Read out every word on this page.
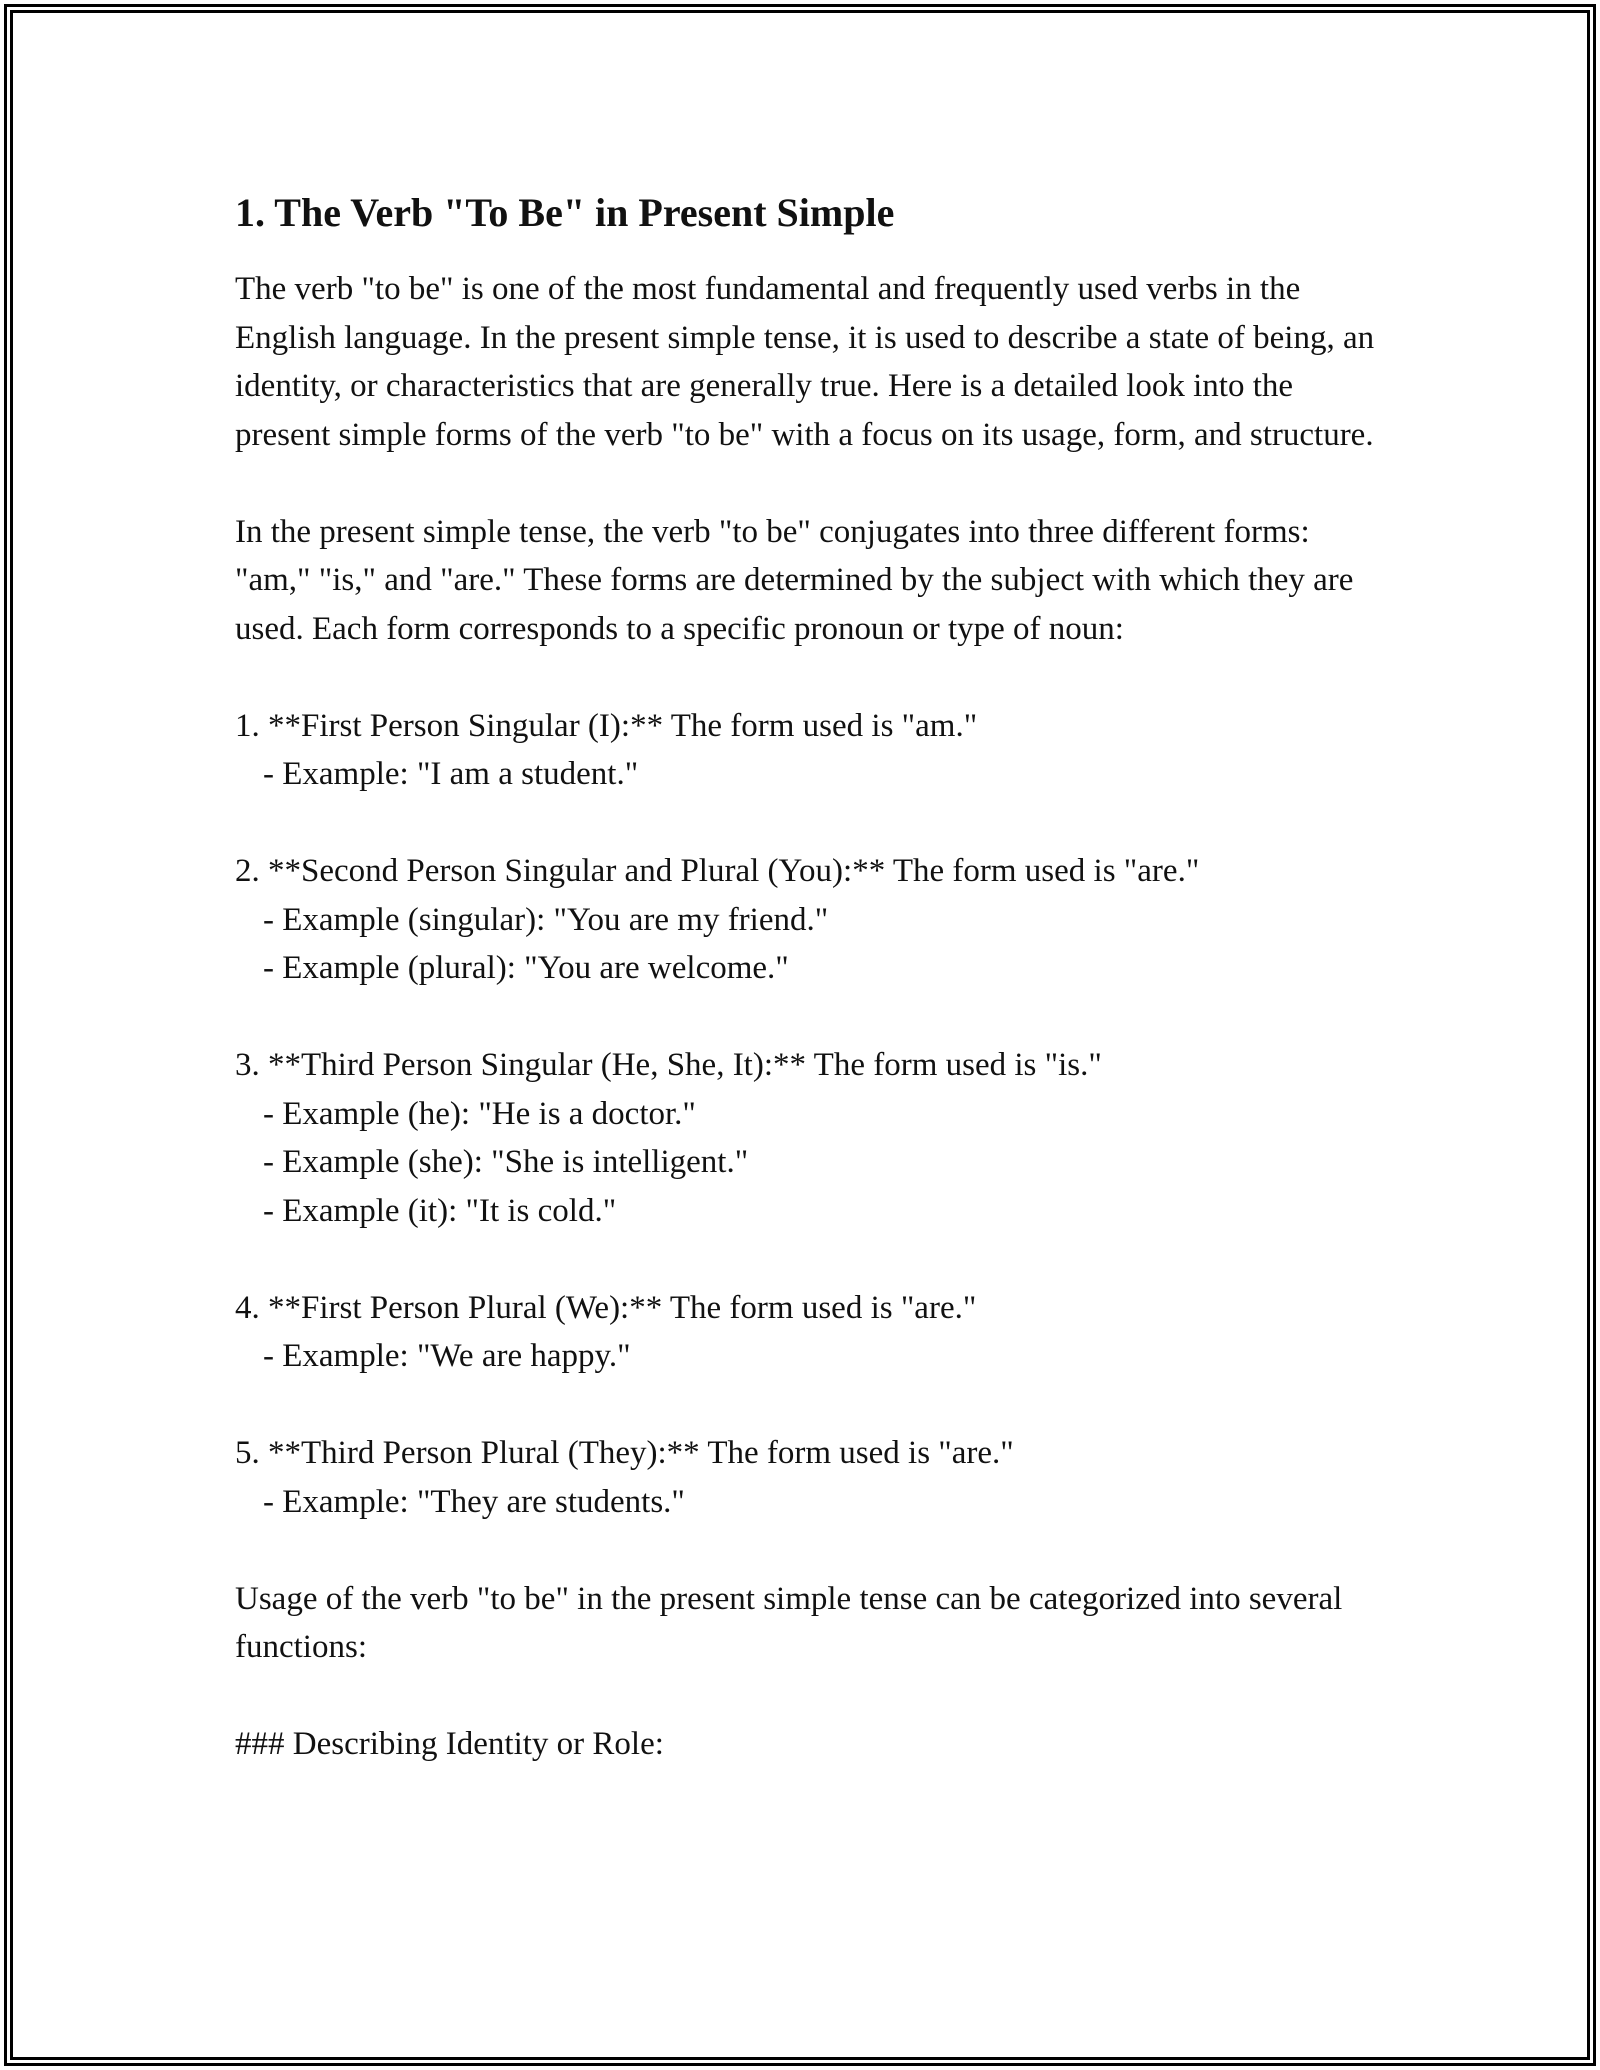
1. The Verb "To Be" in Present Simple

The verb "to be" is one of the most fundamental and frequently used verbs in the English language. In the present simple tense, it is used to describe a state of being, an identity, or characteristics that are generally true. Here is a detailed look into the present simple forms of the verb "to be" with a focus on its usage, form, and structure.

In the present simple tense, the verb "to be" conjugates into three different forms: "am," "is," and "are." These forms are determined by the subject with which they are used. Each form corresponds to a specific pronoun or type of noun:

1. **First Person Singular (I):** The form used is "am."

- Example: "I am a student."

2. **Second Person Singular and Plural (You):** The form used is "are."

- Example (singular): "You are my friend."

- Example (plural): "You are welcome."

3. **Third Person Singular (He, She, It):** The form used is "is."

- Example (he): "He is a doctor."

- Example (she): "She is intelligent."

- Example (it): "It is cold."

4. **First Person Plural (We):** The form used is "are."

- Example: "We are happy."

5. **Third Person Plural (They):** The form used is "are."

- Example: "They are students."

Usage of the verb "to be" in the present simple tense can be categorized into several functions:

### Describing Identity or Role:
